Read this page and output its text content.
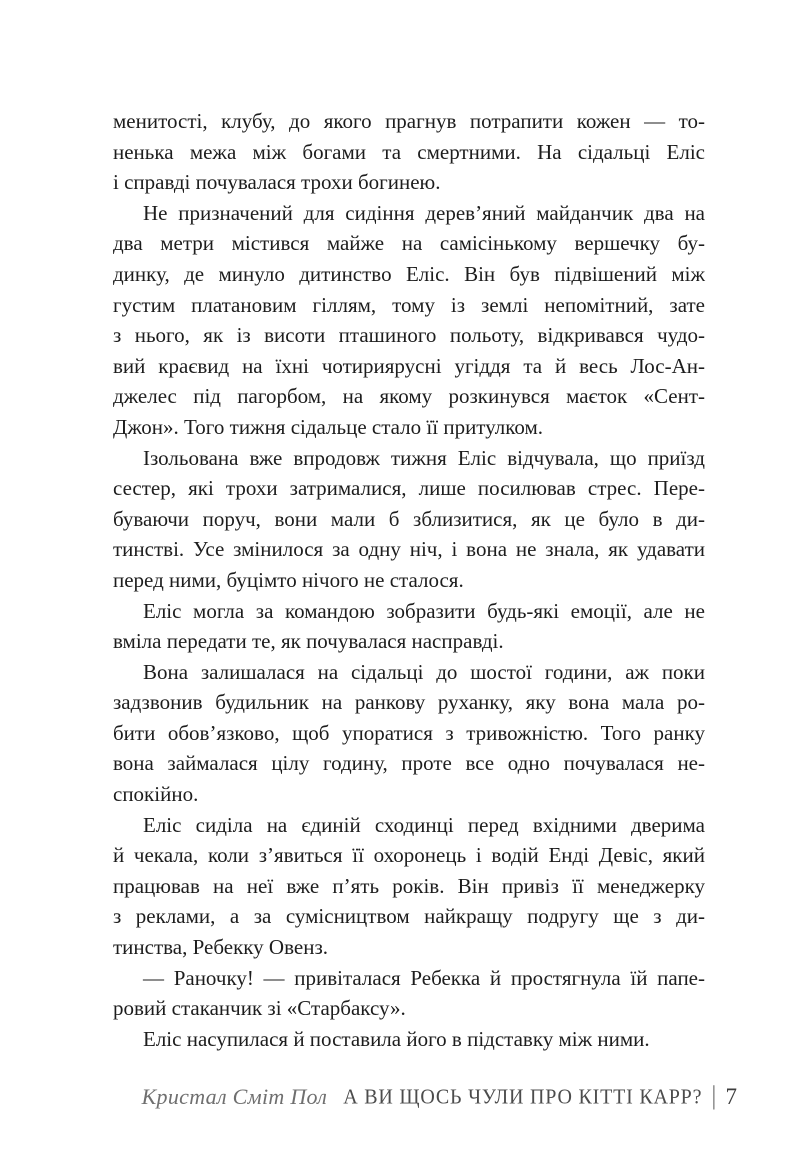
менитості, клубу, до якого прагнув потрапити кожен — то-
ненька межа між богами та смертними. На сідальці Еліс
і справді почувалася трохи богинею.
Не призначений для сидіння дерев’яний майданчик два на
два метри містився майже на самісінькому вершечку бу-
динку, де минуло дитинство Еліс. Він був підвішений між
густим платановим гіллям, тому із землі непомітний, зате
з нього, як із висоти пташиного польоту, відкривався чудо-
вий краєвид на їхні чотириярусні угіддя та й весь Лос-Ан-
джелес під пагорбом, на якому розкинувся маєток «Сент-
Джон». Того тижня сідальце стало її притулком.
Ізольована вже впродовж тижня Еліс відчувала, що приїзд
сестер, які трохи затрималися, лише посилював стрес. Пере-
буваючи поруч, вони мали б зблизитися, як це було в ди-
тинстві. Усе змінилося за одну ніч, і вона не знала, як удавати
перед ними, буцімто нічого не сталося.
Еліс могла за командою зобразити будь-які емоції, але не
вміла передати те, як почувалася насправді.
Вона залишалася на сідальці до шостої години, аж поки
задзвонив будильник на ранкову руханку, яку вона мала ро-
бити обов’язково, щоб упоратися з тривожністю. Того ранку
вона займалася цілу годину, проте все одно почувалася не-
спокійно.
Еліс сиділа на єдиній сходинці перед вхідними дверима
й чекала, коли з’явиться її охоронець і водій Енді Девіс, який
працював на неї вже п’ять років. Він привіз її менеджерку
з реклами, а за сумісництвом найкращу подругу ще з ди-
тинства, Ребекку Овенз.
— Раночку! — привіталася Ребекка й простягнула їй папе-
ровий стаканчик зі «Старбаксу».
Еліс насупилася й поставила його в підставку між ними.
Кристал Сміт Пол А ВИ ЩОСЬ ЧУЛИ ПРО КІТТІ КАРР? | 7
